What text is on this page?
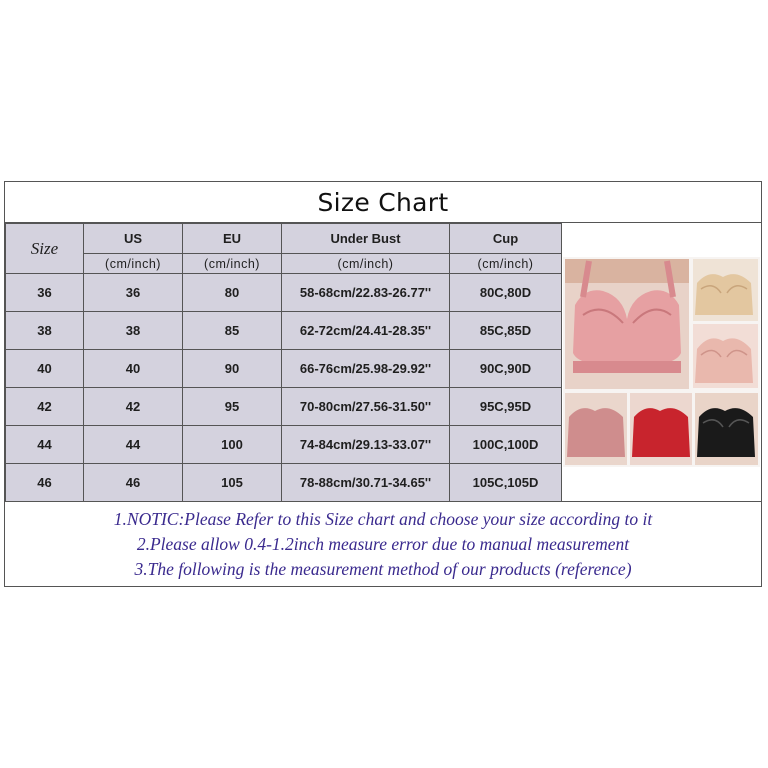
Size Chart
Size	US	EU	Under Bust	Cup
	(cm/inch)	(cm/inch)	(cm/inch)	(cm/inch)
36	36	80	58-68cm/22.83-26.77''	80C,80D
38	38	85	62-72cm/24.41-28.35''	85C,85D
40	40	90	66-76cm/25.98-29.92''	90C,90D
42	42	95	70-80cm/27.56-31.50''	95C,95D
44	44	100	74-84cm/29.13-33.07''	100C,100D
46	46	105	78-88cm/30.71-34.65''	105C,105D
1.NOTIC:Please Refer to this Size chart and choose your size according to it
2.Please allow 0.4-1.2inch measure error due to manual measurement
3.The following is the measurement method of our products (reference)
